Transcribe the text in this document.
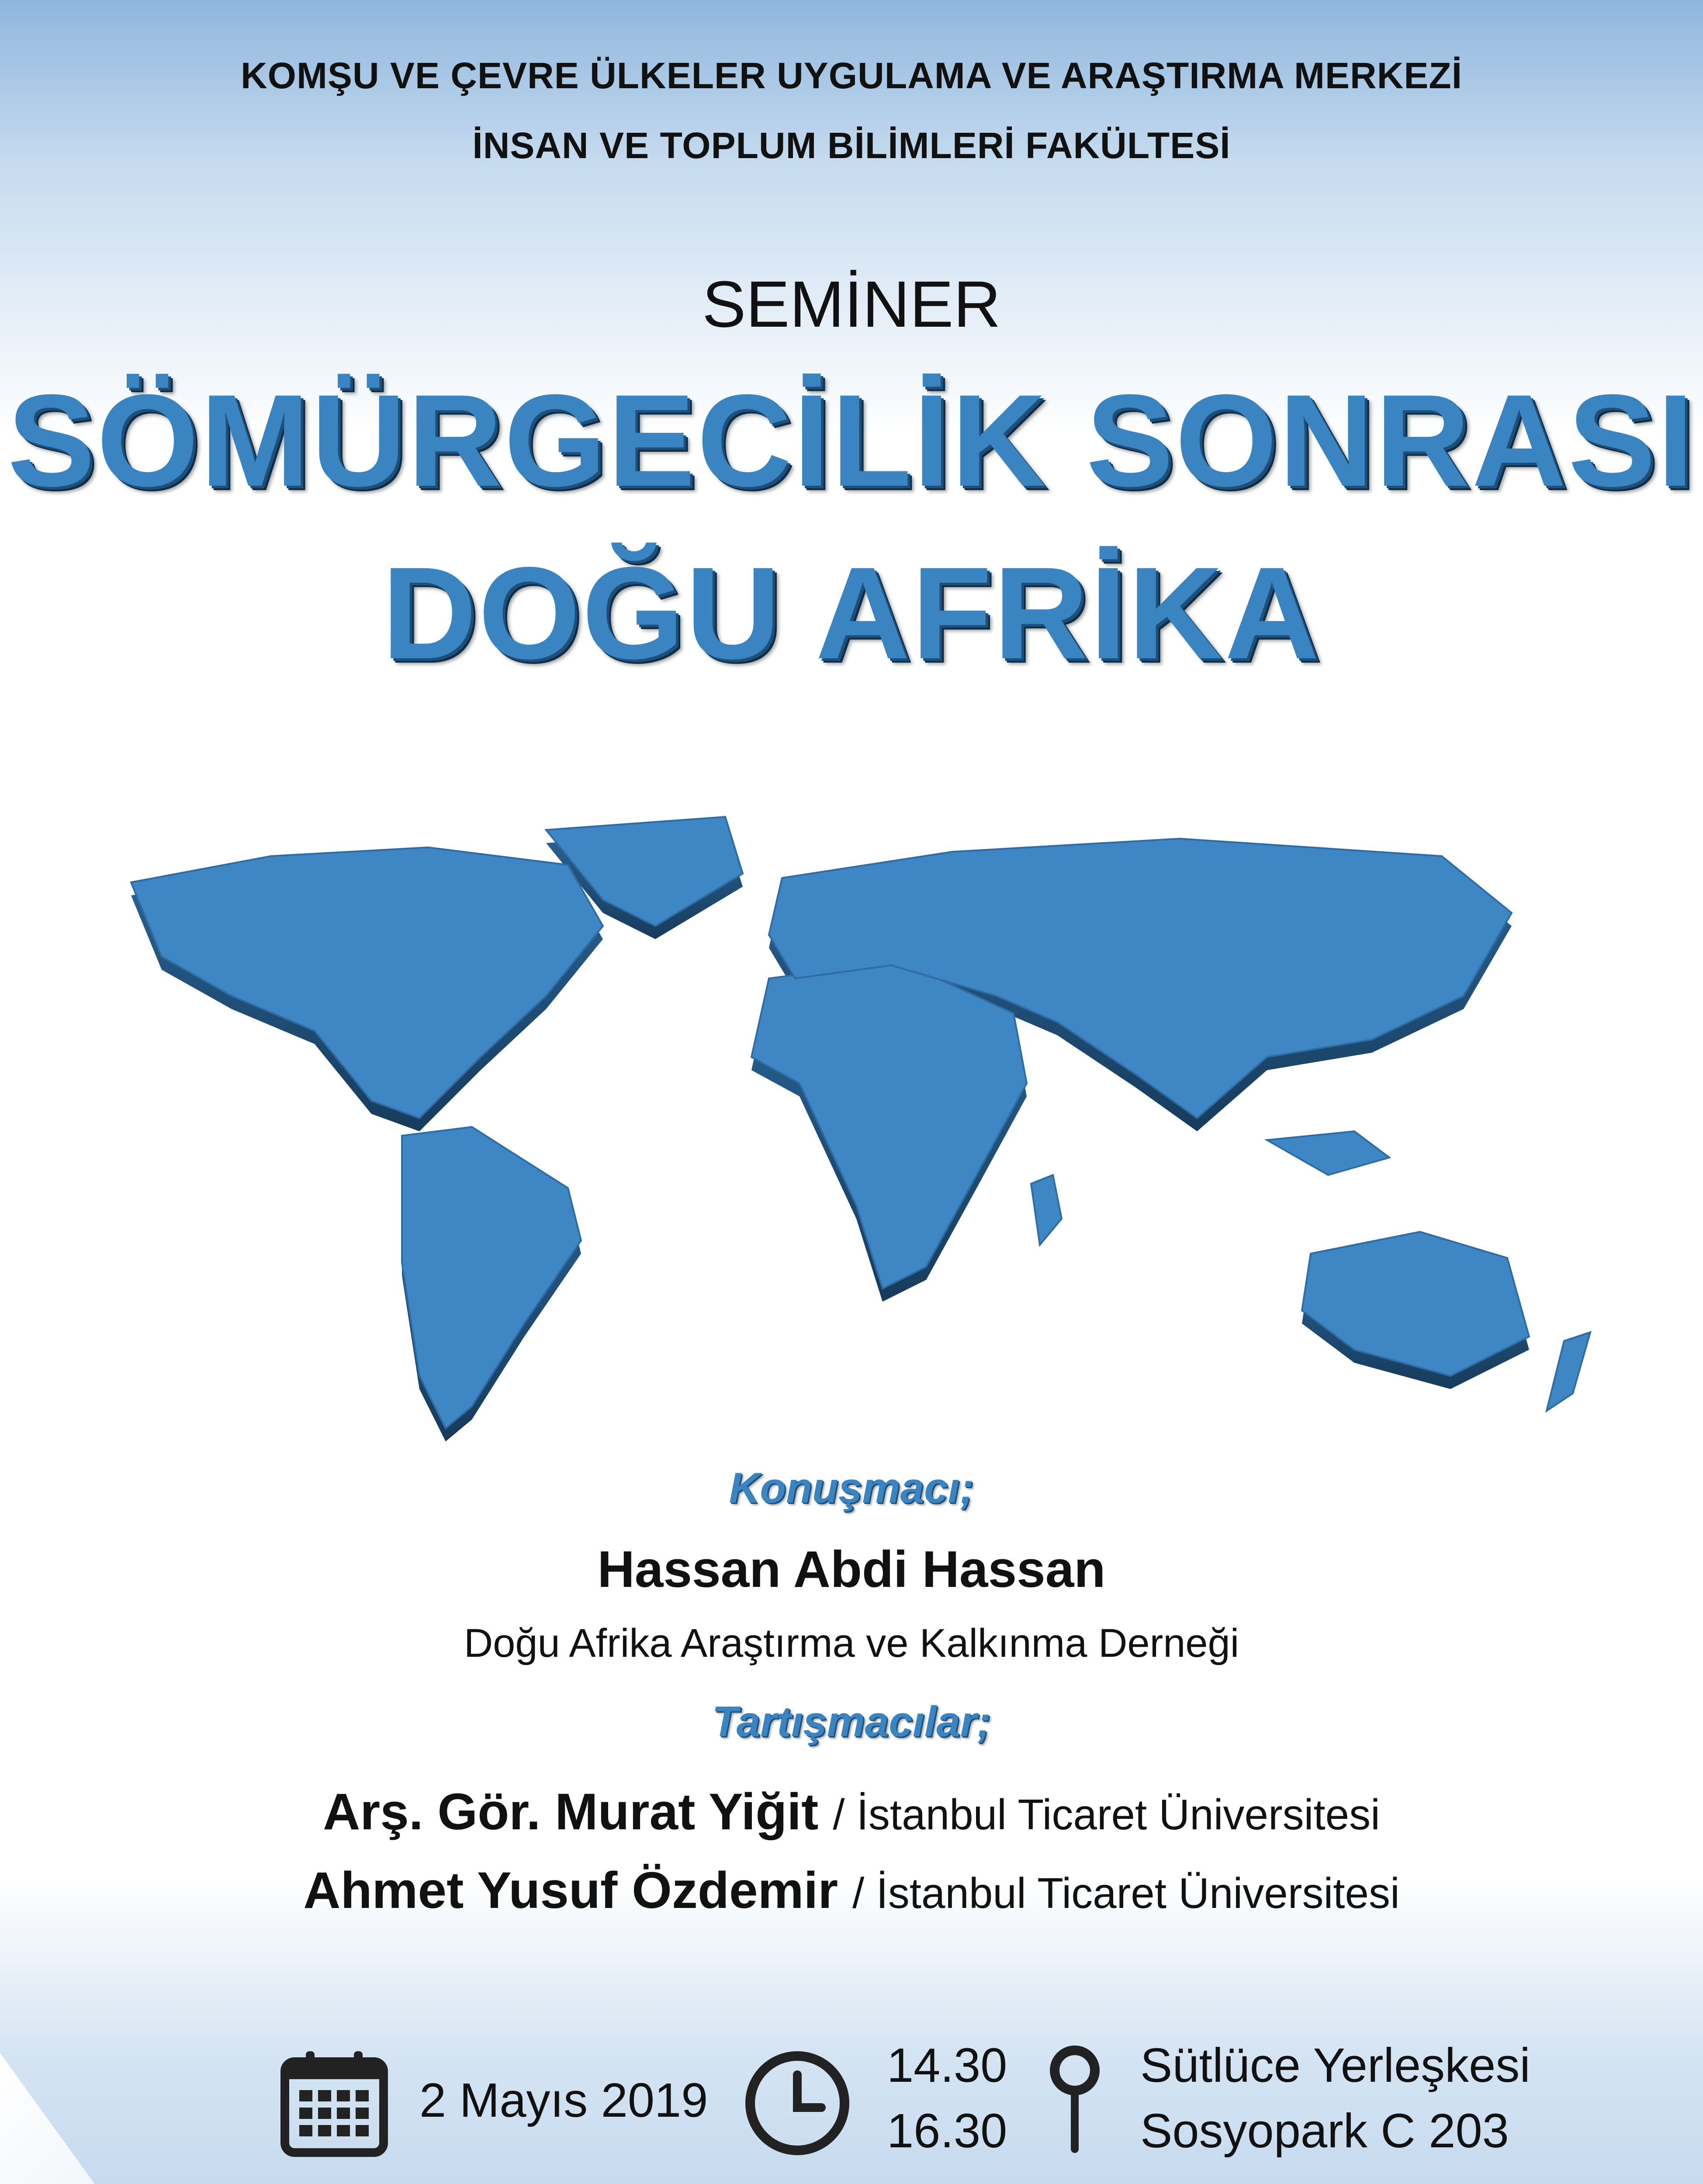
KOMŞU VE ÇEVRE ÜLKELER UYGULAMA VE ARAŞTIRMA MERKEZİ
İNSAN VE TOPLUM BİLİMLERİ FAKÜLTESİ
SEMİNER
SÖMÜRGECİLİK SONRASI
DOĞU AFRİKA
Konuşmacı;
Hassan Abdi Hassan
Doğu Afrika Araştırma ve Kalkınma Derneği
Tartışmacılar;
Arş. Gör. Murat Yiğit / İstanbul Ticaret Üniversitesi
Ahmet Yusuf Özdemir / İstanbul Ticaret Üniversitesi
2 Mayıs 2019
14.30
16.30
Sütlüce Yerleşkesi
Sosyopark C 203
